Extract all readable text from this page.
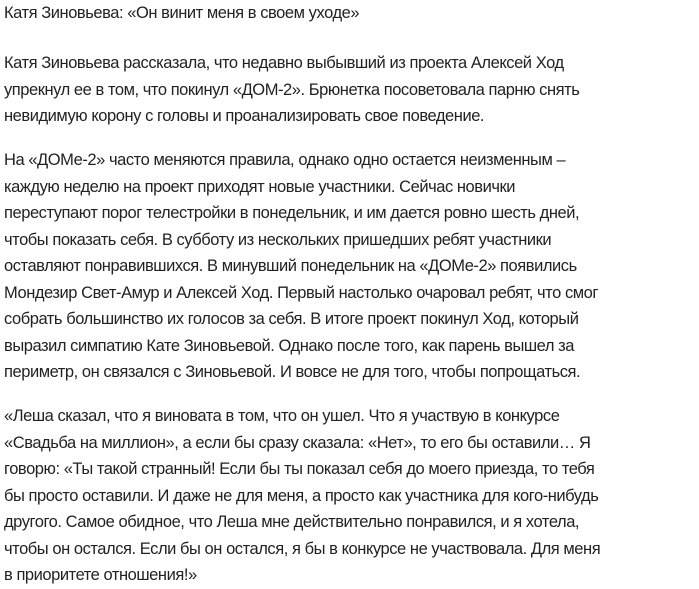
Катя Зиновьева: «Он винит меня в своем уходе»
Катя Зиновьева рассказала, что недавно выбывший из проекта Алексей Ход
упрекнул ее в том, что покинул «ДОМ-2». Брюнетка посоветовала парню снять
невидимую корону с головы и проанализировать свое поведение.
На «ДОМе-2» часто меняются правила, однако одно остается неизменным –
каждую неделю на проект приходят новые участники. Сейчас новички
переступают порог телестройки в понедельник, и им дается ровно шесть дней,
чтобы показать себя. В субботу из нескольких пришедших ребят участники
оставляют понравившихся. В минувший понедельник на «ДОМе-2» появились
Мондезир Свет-Амур и Алексей Ход. Первый настолько очаровал ребят, что смог
собрать большинство их голосов за себя. В итоге проект покинул Ход, который
выразил симпатию Кате Зиновьевой. Однако после того, как парень вышел за
периметр, он связался с Зиновьевой. И вовсе не для того, чтобы попрощаться.
«Леша сказал, что я виновата в том, что он ушел. Что я участвую в конкурсе
«Свадьба на миллион», а если бы сразу сказала: «Нет», то его бы оставили… Я
говорю: «Ты такой странный! Если бы ты показал себя до моего приезда, то тебя
бы просто оставили. И даже не для меня, а просто как участника для кого-нибудь
другого. Самое обидное, что Леша мне действительно понравился, и я хотела,
чтобы он остался. Если бы он остался, я бы в конкурсе не участвовала. Для меня
в приоритете отношения!»
